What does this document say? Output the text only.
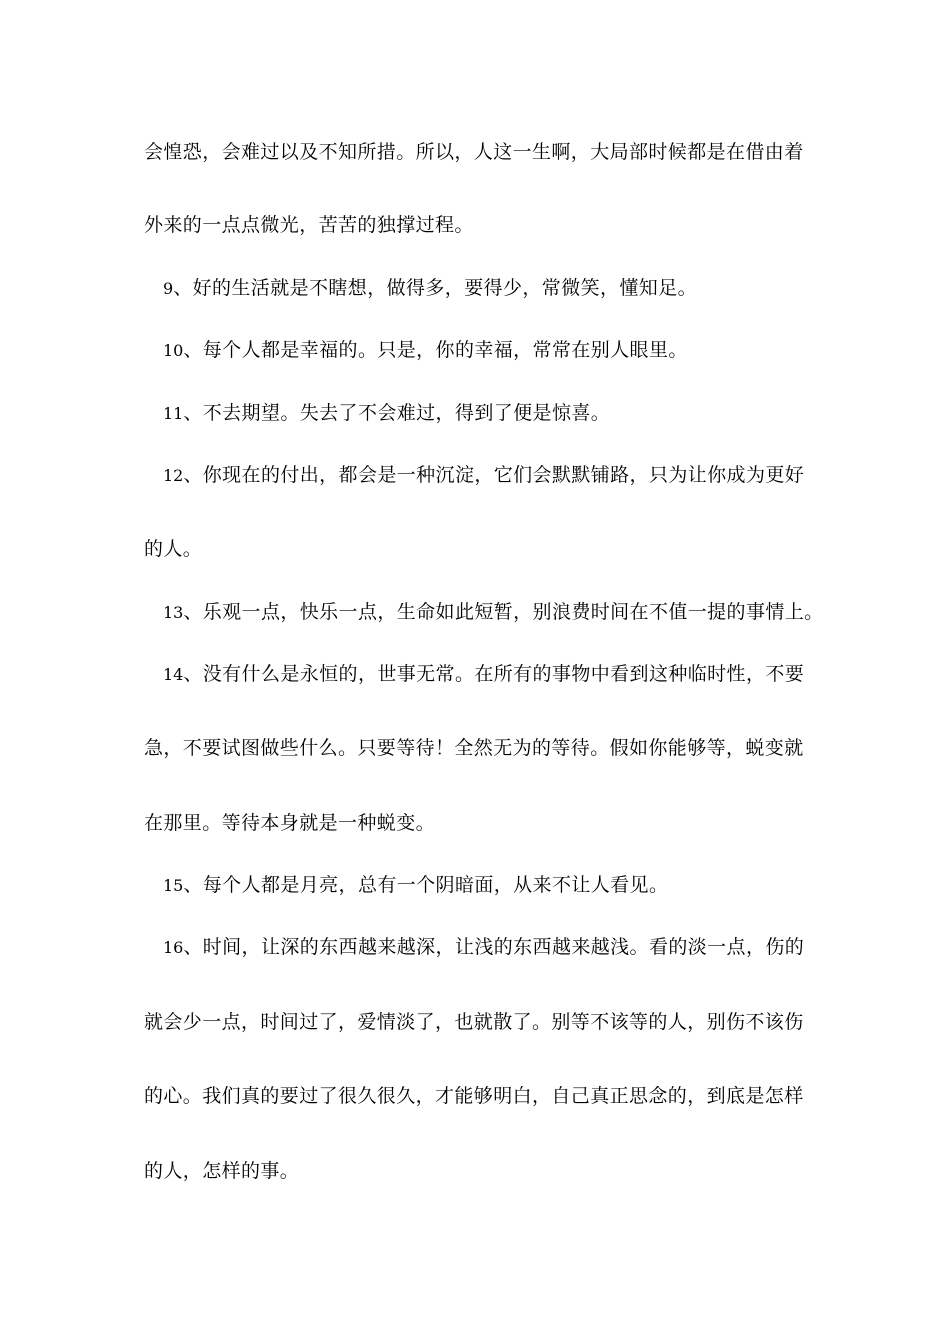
会惶恐，会难过以及不知所措。所以，人这一生啊，大局部时候都是在借由着
外来的一点点微光，苦苦的独撑过程。
9、好的生活就是不瞎想，做得多，要得少，常微笑，懂知足。
10、每个人都是幸福的。只是，你的幸福，常常在别人眼里。
11、不去期望。失去了不会难过，得到了便是惊喜。
12、你现在的付出，都会是一种沉淀，它们会默默铺路，只为让你成为更好
的人。
13、乐观一点，快乐一点，生命如此短暂，别浪费时间在不值一提的事情上。
14、没有什么是永恒的，世事无常。在所有的事物中看到这种临时性，不要
急，不要试图做些什么。只要等待！全然无为的等待。假如你能够等，蜕变就
在那里。等待本身就是一种蜕变。
15、每个人都是月亮，总有一个阴暗面，从来不让人看见。
16、时间，让深的东西越来越深，让浅的东西越来越浅。看的淡一点，伤的
就会少一点，时间过了，爱情淡了，也就散了。别等不该等的人，别伤不该伤
的心。我们真的要过了很久很久，才能够明白，自己真正思念的，到底是怎样
的人，怎样的事。
